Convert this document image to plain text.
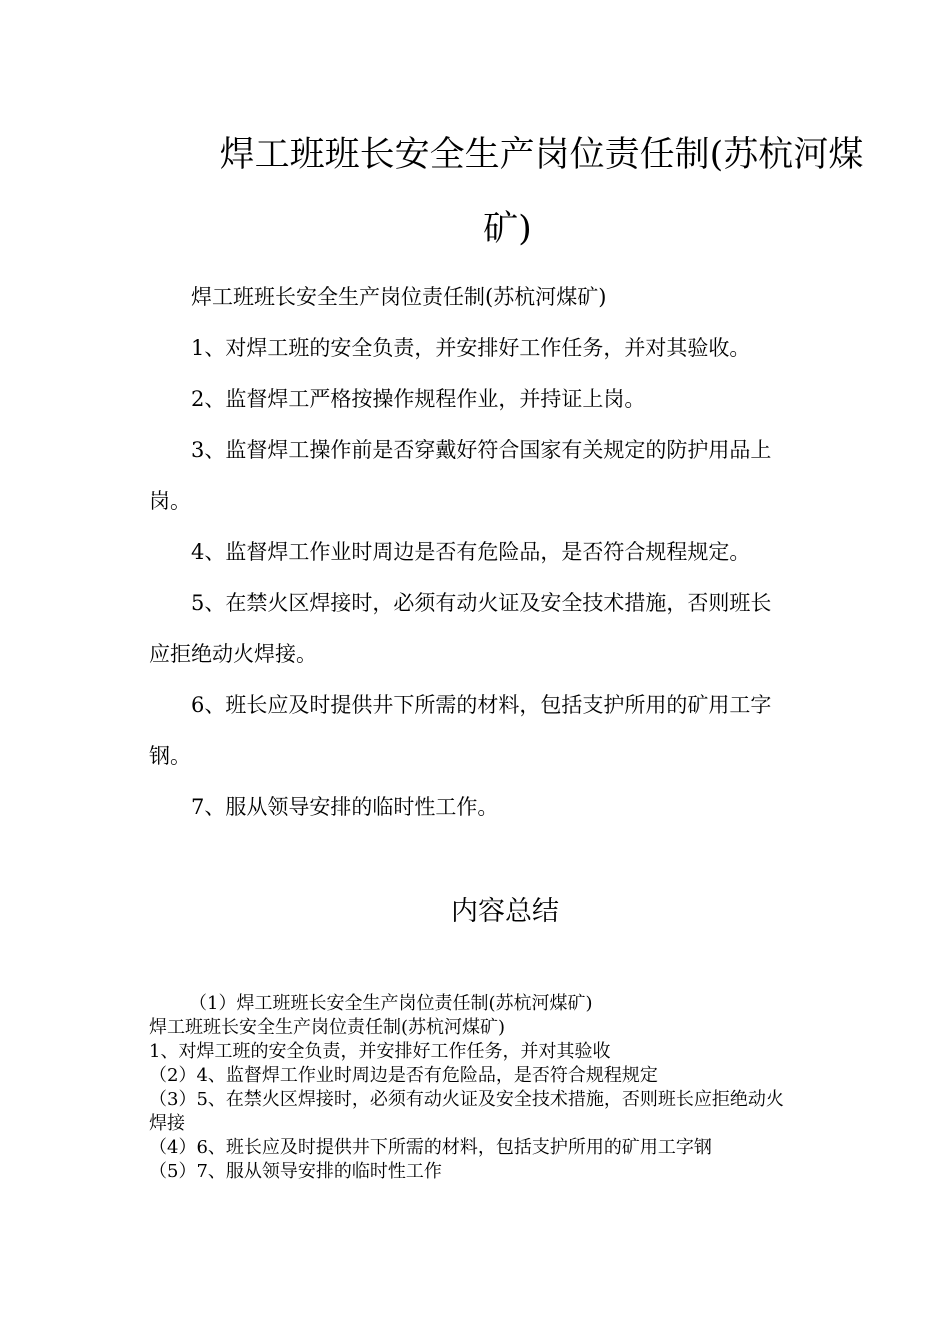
焊工班班长安全生产岗位责任制(苏杭河煤矿)

焊工班班长安全生产岗位责任制(苏杭河煤矿)

1、对焊工班的安全负责，并安排好工作任务，并对其验收。

2、监督焊工严格按操作规程作业，并持证上岗。

3、监督焊工操作前是否穿戴好符合国家有关规定的防护用品上岗。

4、监督焊工作业时周边是否有危险品，是否符合规程规定。

5、在禁火区焊接时，必须有动火证及安全技术措施，否则班长应拒绝动火焊接。

6、班长应及时提供井下所需的材料，包括支护所用的矿用工字钢。

7、服从领导安排的临时性工作。

内容总结

（1）焊工班班长安全生产岗位责任制(苏杭河煤矿)

焊工班班长安全生产岗位责任制(苏杭河煤矿)

1、对焊工班的安全负责，并安排好工作任务，并对其验收

（2）4、监督焊工作业时周边是否有危险品，是否符合规程规定

（3）5、在禁火区焊接时，必须有动火证及安全技术措施，否则班长应拒绝动火焊接

（4）6、班长应及时提供井下所需的材料，包括支护所用的矿用工字钢

（5）7、服从领导安排的临时性工作
